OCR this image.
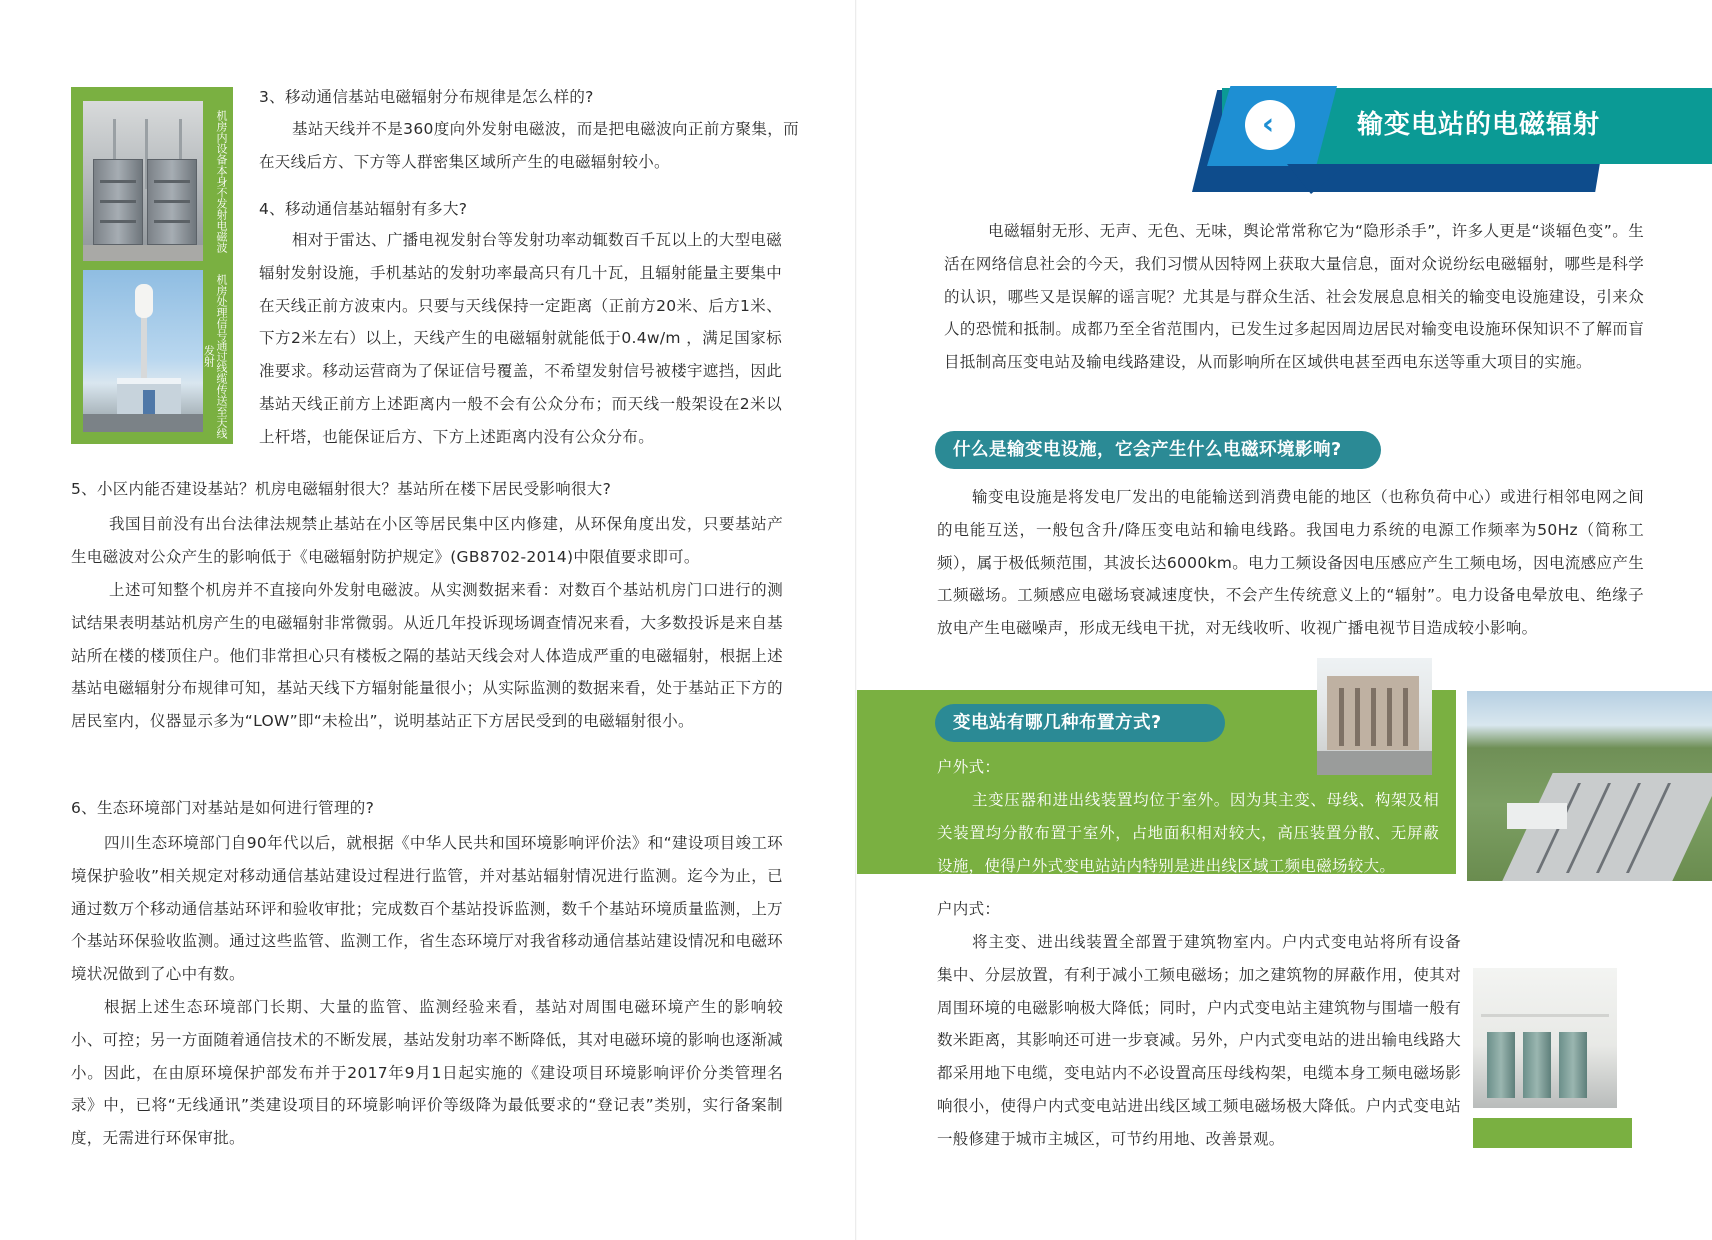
机房内设备本身不发射电磁波
机房处理信号通过线缆传送至天线发射
3、移动通信基站电磁辐射分布规律是怎么样的?
基站天线并不是360度向外发射电磁波，而是把电磁波向正前方聚集，而在天线后方、下方等人群密集区域所产生的电磁辐射较小。
4、移动通信基站辐射有多大?
相对于雷达、广播电视发射台等发射功率动辄数百千瓦以上的大型电磁辐射发射设施，手机基站的发射功率最高只有几十瓦，且辐射能量主要集中在天线正前方波束内。只要与天线保持一定距离（正前方20米、后方1米、下方2米左右）以上，天线产生的电磁辐射就能低于0.4w/m ，满足国家标准要求。移动运营商为了保证信号覆盖，不希望发射信号被楼宇遮挡，因此基站天线正前方上述距离内一般不会有公众分布；而天线一般架设在2米以上杆塔，也能保证后方、下方上述距离内没有公众分布。
5、小区内能否建设基站？机房电磁辐射很大？基站所在楼下居民受影响很大?
我国目前没有出台法律法规禁止基站在小区等居民集中区内修建，从环保角度出发，只要基站产生电磁波对公众产生的影响低于《电磁辐射防护规定》(GB8702-2014)中限值要求即可。
上述可知整个机房并不直接向外发射电磁波。从实测数据来看：对数百个基站机房门口进行的测试结果表明基站机房产生的电磁辐射非常微弱。从近几年投诉现场调查情况来看，大多数投诉是来自基站所在楼的楼顶住户。他们非常担心只有楼板之隔的基站天线会对人体造成严重的电磁辐射，根据上述基站电磁辐射分布规律可知，基站天线下方辐射能量很小；从实际监测的数据来看，处于基站正下方的居民室内，仪器显示多为“LOW”即“未检出”，说明基站正下方居民受到的电磁辐射很小。
6、生态环境部门对基站是如何进行管理的?
四川生态环境部门自90年代以后，就根据《中华人民共和国环境影响评价法》和“建设项目竣工环境保护验收”相关规定对移动通信基站建设过程进行监管，并对基站辐射情况进行监测。迄今为止，已通过数万个移动通信基站环评和验收审批；完成数百个基站投诉监测，数千个基站环境质量监测，上万个基站环保验收监测。通过这些监管、监测工作，省生态环境厅对我省移动通信基站建设情况和电磁环境状况做到了心中有数。
根据上述生态环境部门长期、大量的监管、监测经验来看，基站对周围电磁环境产生的影响较小、可控；另一方面随着通信技术的不断发展，基站发射功率不断降低，其对电磁环境的影响也逐渐减小。因此，在由原环境保护部发布并于2017年9月1日起实施的《建设项目环境影响评价分类管理名录》中，已将“无线通讯”类建设项目的环境影响评价等级降为最低要求的“登记表”类别，实行备案制度，无需进行环保审批。
‹	输变电站的电磁辐射
电磁辐射无形、无声、无色、无味，舆论常常称它为“隐形杀手”，许多人更是“谈辐色变”。生活在网络信息社会的今天，我们习惯从因特网上获取大量信息，面对众说纷纭电磁辐射，哪些是科学的认识，哪些又是误解的谣言呢？尤其是与群众生活、社会发展息息相关的输变电设施建设，引来众人的恐慌和抵制。成都乃至全省范围内，已发生过多起因周边居民对输变电设施环保知识不了解而盲目抵制高压变电站及输电线路建设，从而影响所在区域供电甚至西电东送等重大项目的实施。
什么是输变电设施，它会产生什么电磁环境影响?
输变电设施是将发电厂发出的电能输送到消费电能的地区（也称负荷中心）或进行相邻电网之间的电能互送，一般包含升/降压变电站和输电线路。我国电力系统的电源工作频率为50Hz（简称工频），属于极低频范围，其波长达6000km。电力工频设备因电压感应产生工频电场，因电流感应产生工频磁场。工频感应电磁场衰减速度快，不会产生传统意义上的“辐射”。电力设备电晕放电、绝缘子放电产生电磁噪声，形成无线电干扰，对无线收听、收视广播电视节目造成较小影响。
户外式：
主变压器和进出线装置均位于室外。因为其主变、母线、构架及相关装置均分散布置于室外，占地面积相对较大，高压装置分散、无屏蔽设施，使得户外式变电站站内特别是进出线区域工频电磁场较大。
变电站有哪几种布置方式?
户内式：
将主变、进出线装置全部置于建筑物室内。户内式变电站将所有设备集中、分层放置，有利于减小工频电磁场；加之建筑物的屏蔽作用，使其对周围环境的电磁影响极大降低；同时，户内式变电站主建筑物与围墙一般有数米距离，其影响还可进一步衰减。另外，户内式变电站的进出输电线路大都采用地下电缆，变电站内不必设置高压母线构架，电缆本身工频电磁场影响很小，使得户内式变电站进出线区域工频电磁场极大降低。户内式变电站一般修建于城市主城区，可节约用地、改善景观。
